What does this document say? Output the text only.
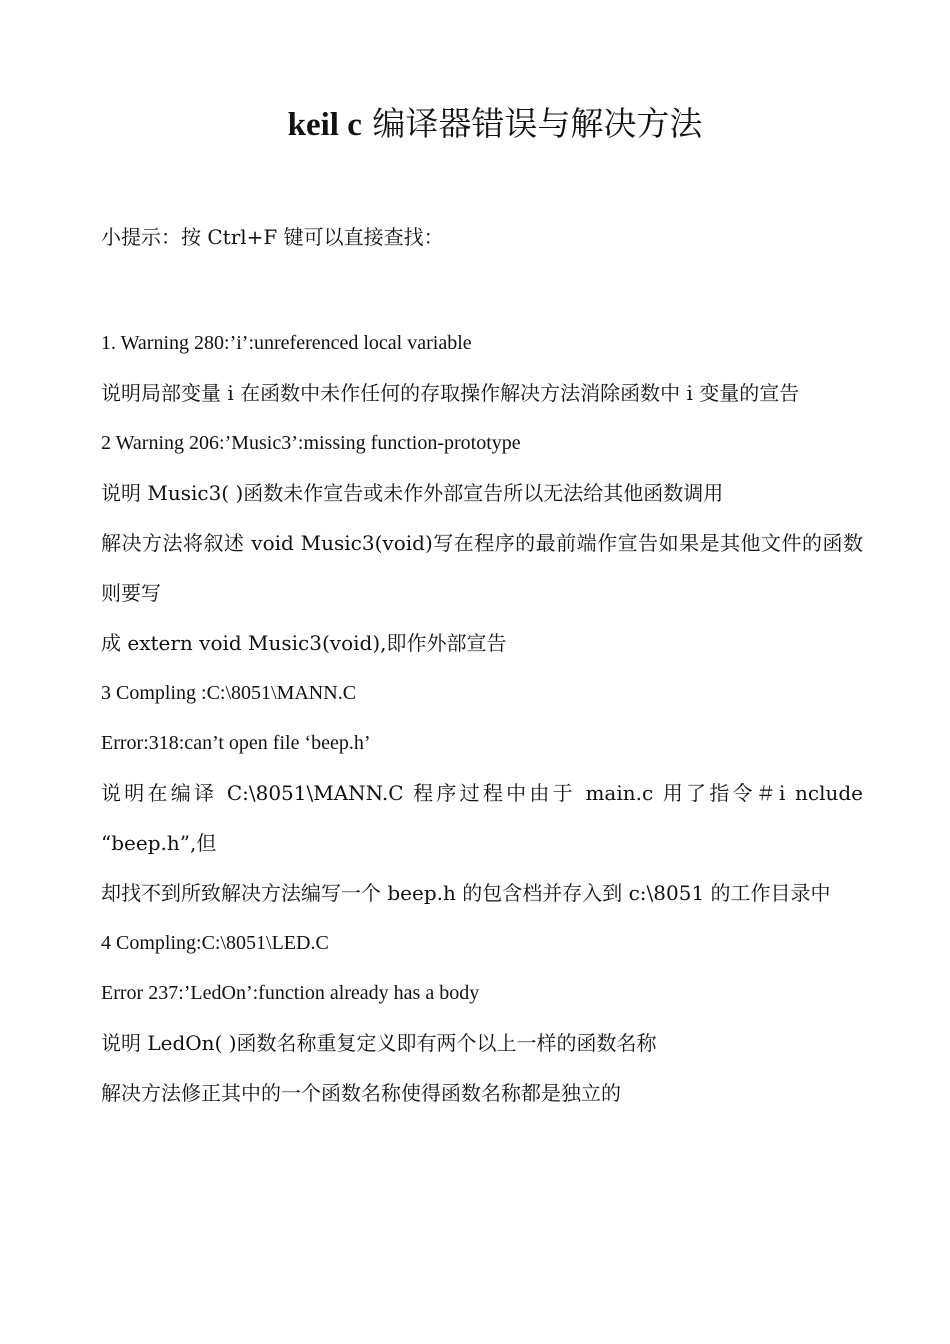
keil c 编译器错误与解决方法
小提示：按 Ctrl+F 键可以直接查找：

1. Warning 280:’i’:unreferenced local variable

说明局部变量 i 在函数中未作任何的存取操作解决方法消除函数中 i 变量的宣告

2 Warning 206:’Music3’:missing function-prototype

说明 Music3( )函数未作宣告或未作外部宣告所以无法给其他函数调用

解决方法将叙述 void Music3(void)写在程序的最前端作宣告如果是其他文件的函数则要写

成 extern void Music3(void),即作外部宣告

3 Compling :C:\8051\MANN.C

Error:318:can’t open file ‘beep.h’

说明在编译 C:\8051\MANN.C 程序过程中由于 main.c 用了指令＃i nclude “beep.h”,但

却找不到所致解决方法编写一个 beep.h 的包含档并存入到 c:\8051 的工作目录中

4 Compling:C:\8051\LED.C

Error 237:’LedOn’:function already has a body

说明 LedOn( )函数名称重复定义即有两个以上一样的函数名称

解决方法修正其中的一个函数名称使得函数名称都是独立的
